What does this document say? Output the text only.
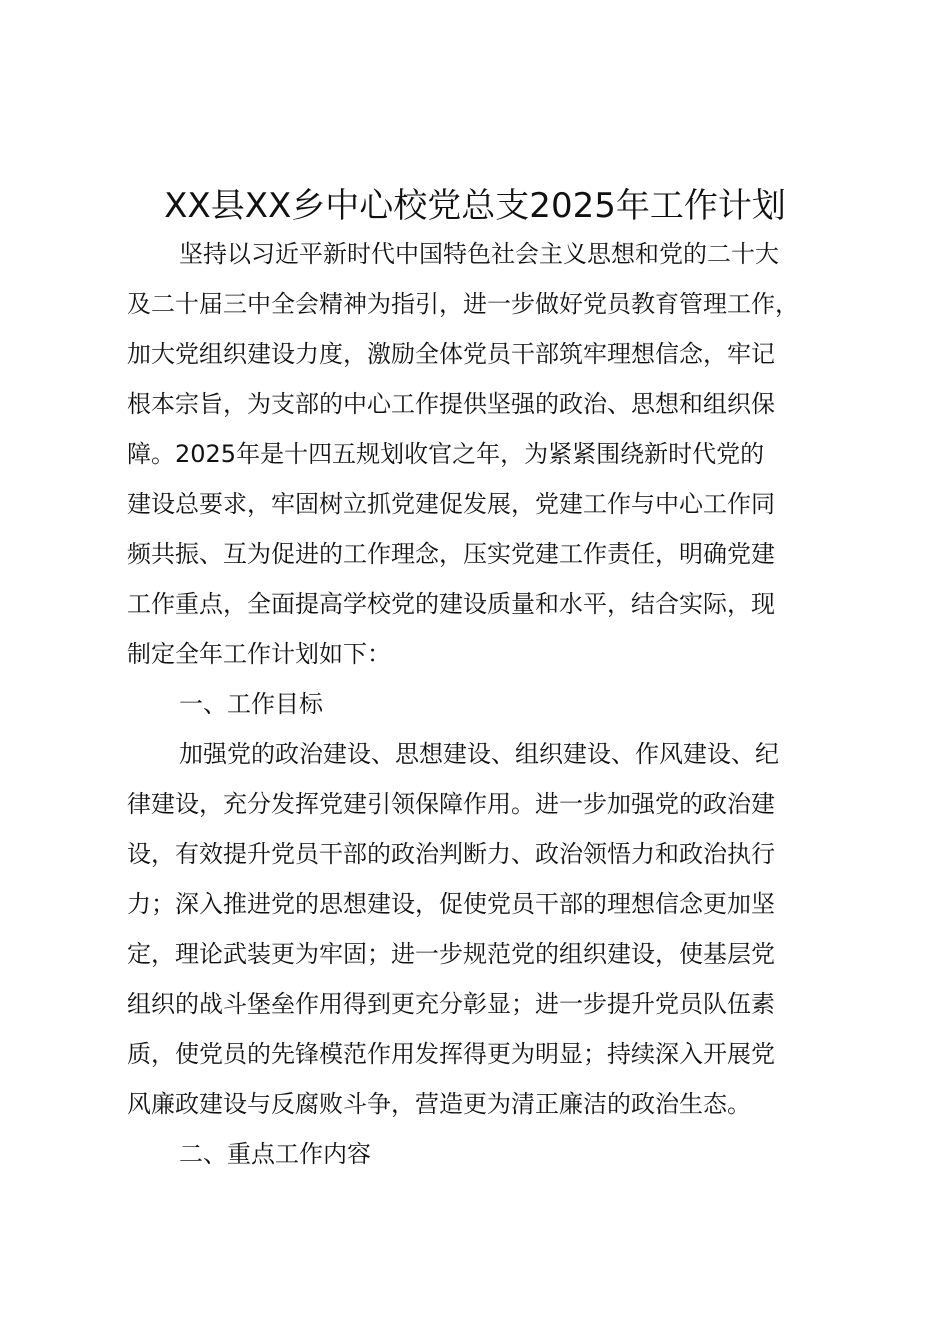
XX县XX乡中心校党总支2025年工作计划
坚持以习近平新时代中国特色社会主义思想和党的二十大
及二十届三中全会精神为指引，进一步做好党员教育管理工作，
加大党组织建设力度，激励全体党员干部筑牢理想信念，牢记
根本宗旨，为支部的中心工作提供坚强的政治、思想和组织保
障。2025年是十四五规划收官之年，为紧紧围绕新时代党的
建设总要求，牢固树立抓党建促发展，党建工作与中心工作同
频共振、互为促进的工作理念，压实党建工作责任，明确党建
工作重点，全面提高学校党的建设质量和水平，结合实际，现
制定全年工作计划如下：
一、工作目标
加强党的政治建设、思想建设、组织建设、作风建设、纪
律建设，充分发挥党建引领保障作用。进一步加强党的政治建
设，有效提升党员干部的政治判断力、政治领悟力和政治执行
力；深入推进党的思想建设，促使党员干部的理想信念更加坚
定，理论武装更为牢固；进一步规范党的组织建设，使基层党
组织的战斗堡垒作用得到更充分彰显；进一步提升党员队伍素
质，使党员的先锋模范作用发挥得更为明显；持续深入开展党
风廉政建设与反腐败斗争，营造更为清正廉洁的政治生态。
二、重点工作内容
